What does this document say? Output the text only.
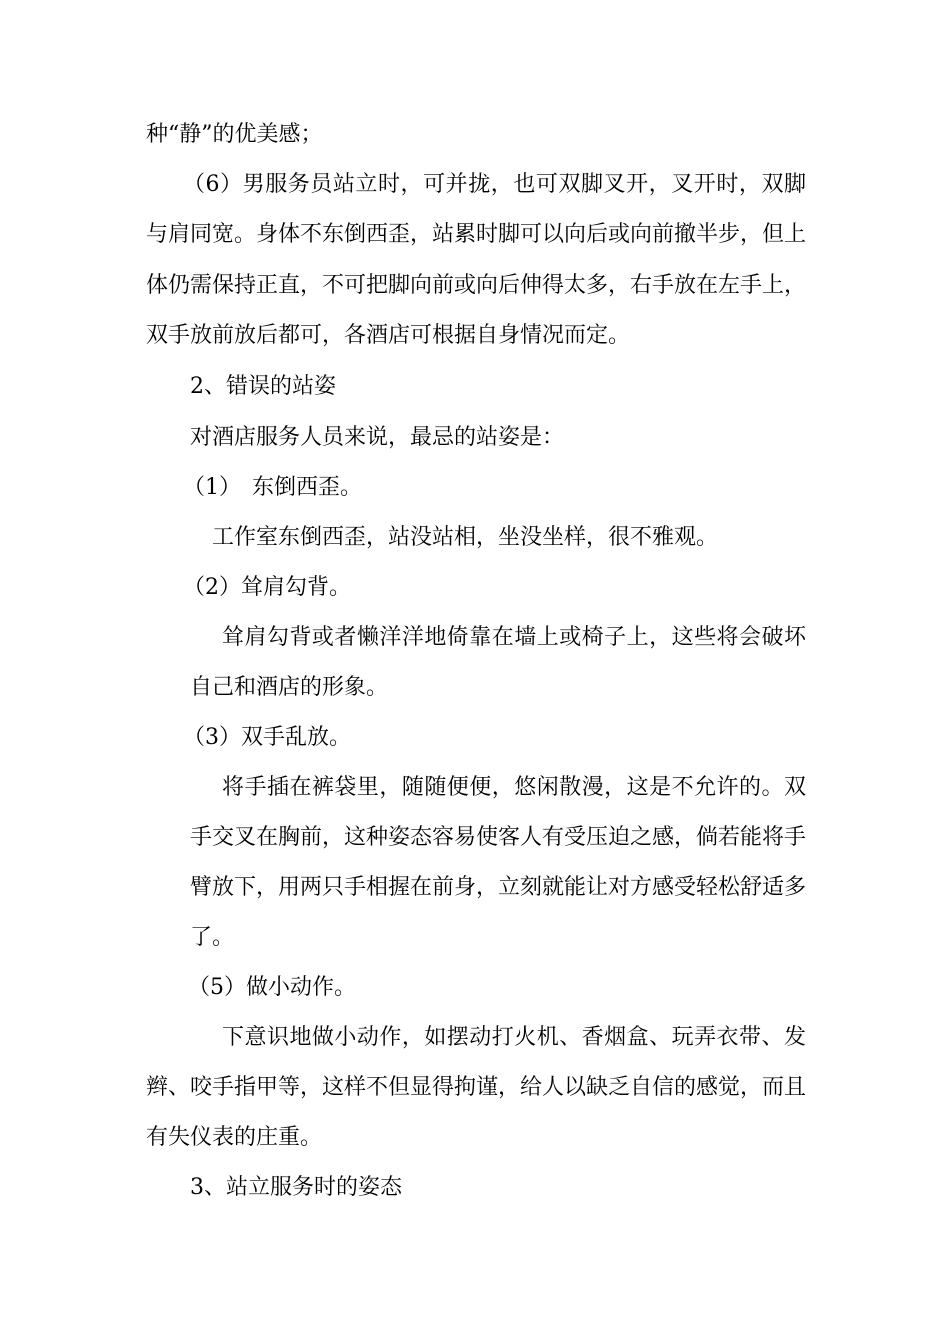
种“静”的优美感；
（6）男服务员站立时，可并拢，也可双脚叉开，叉开时，双脚
与肩同宽。身体不东倒西歪，站累时脚可以向后或向前撤半步，但上
体仍需保持正直，不可把脚向前或向后伸得太多，右手放在左手上，
双手放前放后都可，各酒店可根据自身情况而定。
2、错误的站姿
对酒店服务人员来说，最忌的站姿是：
（1）　东倒西歪。
工作室东倒西歪，站没站相，坐没坐样，很不雅观。
（2）耸肩勾背。
耸肩勾背或者懒洋洋地倚靠在墙上或椅子上，这些将会破坏
自己和酒店的形象。
（3）双手乱放。
将手插在裤袋里，随随便便，悠闲散漫，这是不允许的。双
手交叉在胸前，这种姿态容易使客人有受压迫之感，倘若能将手
臂放下，用两只手相握在前身，立刻就能让对方感受轻松舒适多
了。
（5）做小动作。
下意识地做小动作，如摆动打火机、香烟盒、玩弄衣带、发
辫、咬手指甲等，这样不但显得拘谨，给人以缺乏自信的感觉，而且
有失仪表的庄重。
3、站立服务时的姿态
